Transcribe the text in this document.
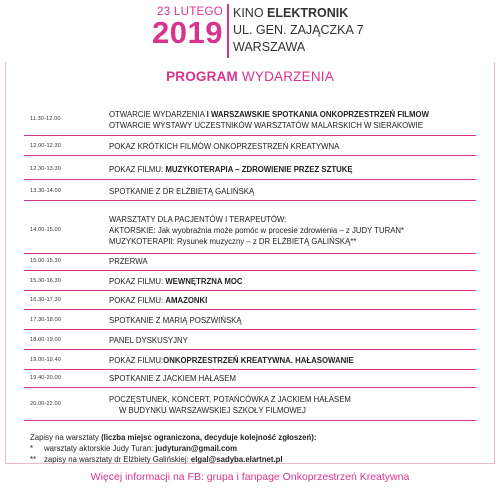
23 LUTEGO
2019
KINO ELEKTRONIK
UL. GEN. ZAJĄCZKA 7
WARSZAWA
PROGRAM WYDARZENIA
11.30-12.00	OTWARCIE WYDARZENIA I WARSZAWSKIE SPOTKANIA ONKOPRZESTRZEŃ FILMOW
OTWARCIE WYSTAWY UCZESTNIKÓW WARSZTATÓW MALARSKICH W SIERAKOWIE
12.00-12.30	POKAZ KRÓTKICH FILMÓW ONKOPRZESTRZEŃ KREATYWNA
12.30-13.30	POKAZ FILMU: MUZYKOTERAPIA – ZDROWIENIE PRZEZ SZTUKĘ
13.30-14.00	SPOTKANIE Z DR ELŻBIETĄ GALIŃSKĄ
14.00-15.00
WARSZTATY DLA PACJENTÓW I TERAPEUTÓW:
AKTORSKIE: Jak wyobraźnia może pomóc w procesie zdrowienia – z JUDY TURAN*
MUZYKOTERAPII: Rysunek muzyczny – z DR ELŻBIETĄ GALIŃSKĄ**
15.00-15.30	PRZERWA
15.30-16.30	POKAZ FILMU: WEWNĘTRZNA MOC
16.30-17.30	POKAZ FILMU: AMAZONKI
17.30-18.00	SPOTKANIE Z MARIĄ POSZWIŃSKĄ
18.00-19.00	PANEL DYSKUSYJNY
19.00-19.40	POKAZ FILMU:ONKOPRZESTRZEŃ KREATYWNA. HAŁASOWANIE
19.40-20.00	SPOTKANIE Z JACKIEM HAŁASEM
20.00-22.00	POCZĘSTUNEK, KONCERT, POTAŃCÓWKA Z JACKIEM HAŁASEM
W BUDYNKU WARSZAWSKIEJ SZKOŁY FILMOWEJ
Zapisy na warsztaty (liczba miejsc ograniczona, decyduje kolejność zgłoszeń):
* warsztaty aktorskie Judy Turan: judyturan@gmail.com
** zapisy na warsztaty dr Elżbiety Galińskiej: elgal@sadyba.elartnet.pl
Więcej informacji na FB: grupa i fanpage Onkoprzestrzeń Kreatywna
